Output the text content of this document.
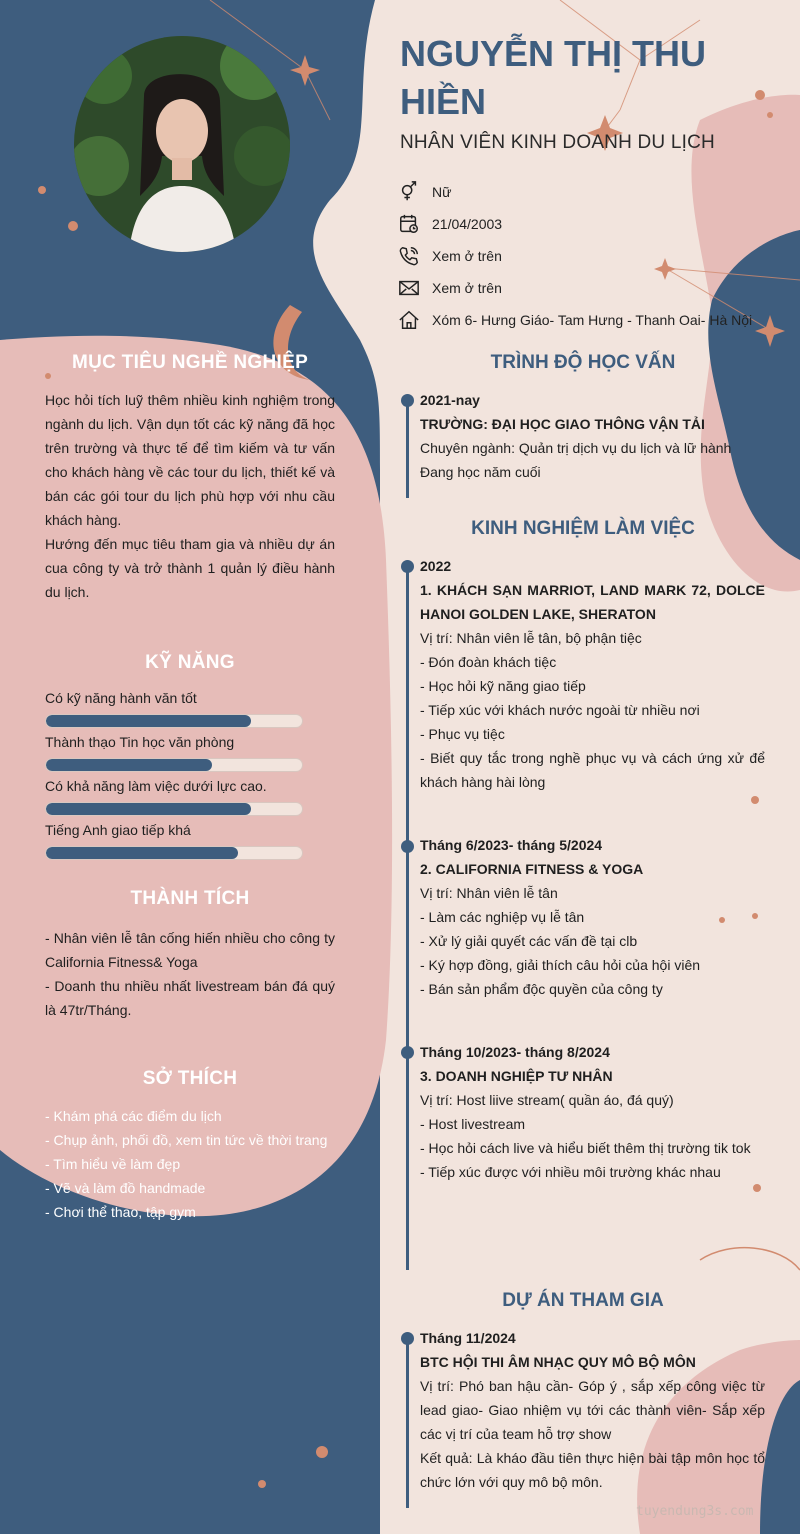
NGUYỄN THỊ THU HIỀN
NHÂN VIÊN KINH DOANH DU LỊCH
Nữ
21/04/2003
Xem ở trên
Xem ở trên
Xóm 6- Hưng Giáo- Tam Hưng - Thanh Oai- Hà Nội
MỤC TIÊU NGHỀ NGHIỆP
Học hỏi tích luỹ thêm nhiều kinh nghiệm trong ngành du lịch. Vận dụn tốt các kỹ năng đã học trên trường và thực tế để tìm kiếm và tư vấn cho khách hàng về các tour du lịch, thiết kế và bán các gói tour du lịch phù hợp với nhu cầu khách hàng.
Hướng đến mục tiêu tham gia và nhiều dự án cua công ty và trở thành 1 quản lý điều hành du lịch.
KỸ NĂNG
Có kỹ năng hành văn tốt
Thành thạo Tin học văn phòng
Có khả năng làm việc dưới lực cao.
Tiếng Anh giao tiếp khá
THÀNH TÍCH
- Nhân viên lễ tân cống hiến nhiều cho công ty California Fitness& Yoga
- Doanh thu nhiều nhất livestream bán đá quý là 47tr/Tháng.
SỞ THÍCH
- Khám phá các điểm du lịch
- Chụp ảnh, phối đồ, xem tin tức về thời trang
- Tìm hiểu về làm đẹp
- Vẽ và làm đồ handmade
- Chơi thể thao, tập gym
TRÌNH ĐỘ HỌC VẤN
2021-nay
TRƯỜNG: ĐẠI HỌC GIAO THÔNG VẬN TẢI
Chuyên ngành: Quản trị dịch vụ du lịch và lữ hành
Đang học năm cuối
KINH NGHIỆM LÀM VIỆC
2022
1. KHÁCH SẠN MARRIOT, LAND MARK 72, DOLCE HANOI GOLDEN LAKE, SHERATON
Vị trí: Nhân viên lễ tân, bộ phận tiệc
- Đón đoàn khách tiệc
- Học hỏi kỹ năng giao tiếp
- Tiếp xúc với khách nước ngoài từ nhiều nơi
- Phục vụ tiệc
- Biết quy tắc trong nghề phục vụ và cách ứng xử để khách hàng hài lòng
Tháng 6/2023- tháng 5/2024
2. CALIFORNIA FITNESS & YOGA
Vị trí: Nhân viên lễ tân
- Làm các nghiệp vụ lễ tân
- Xử lý giải quyết các vấn đề tại clb
- Ký hợp đồng, giải thích câu hỏi của hội viên
- Bán sản phẩm độc quyền của công ty
Tháng 10/2023- tháng 8/2024
3. DOANH NGHIỆP TƯ NHÂN
Vị trí: Host liive stream( quần áo, đá quý)
- Host livestream
- Học hỏi cách live và hiểu biết thêm thị trường tik tok
- Tiếp xúc được với nhiều môi trường khác nhau
DỰ ÁN THAM GIA
Tháng 11/2024
BTC HỘI THI ÂM NHẠC QUY MÔ BỘ MÔN
Vị trí: Phó ban hậu cần- Góp ý , sắp xếp công việc từ lead giao- Giao nhiệm vụ tới các thành viên- Sắp xếp các vị trí của team hỗ trợ show
Kết quả: Là kháo đầu tiên thực hiện bài tập môn học tổ chức lớn với quy mô bộ môn.
tuyendung3s.com
